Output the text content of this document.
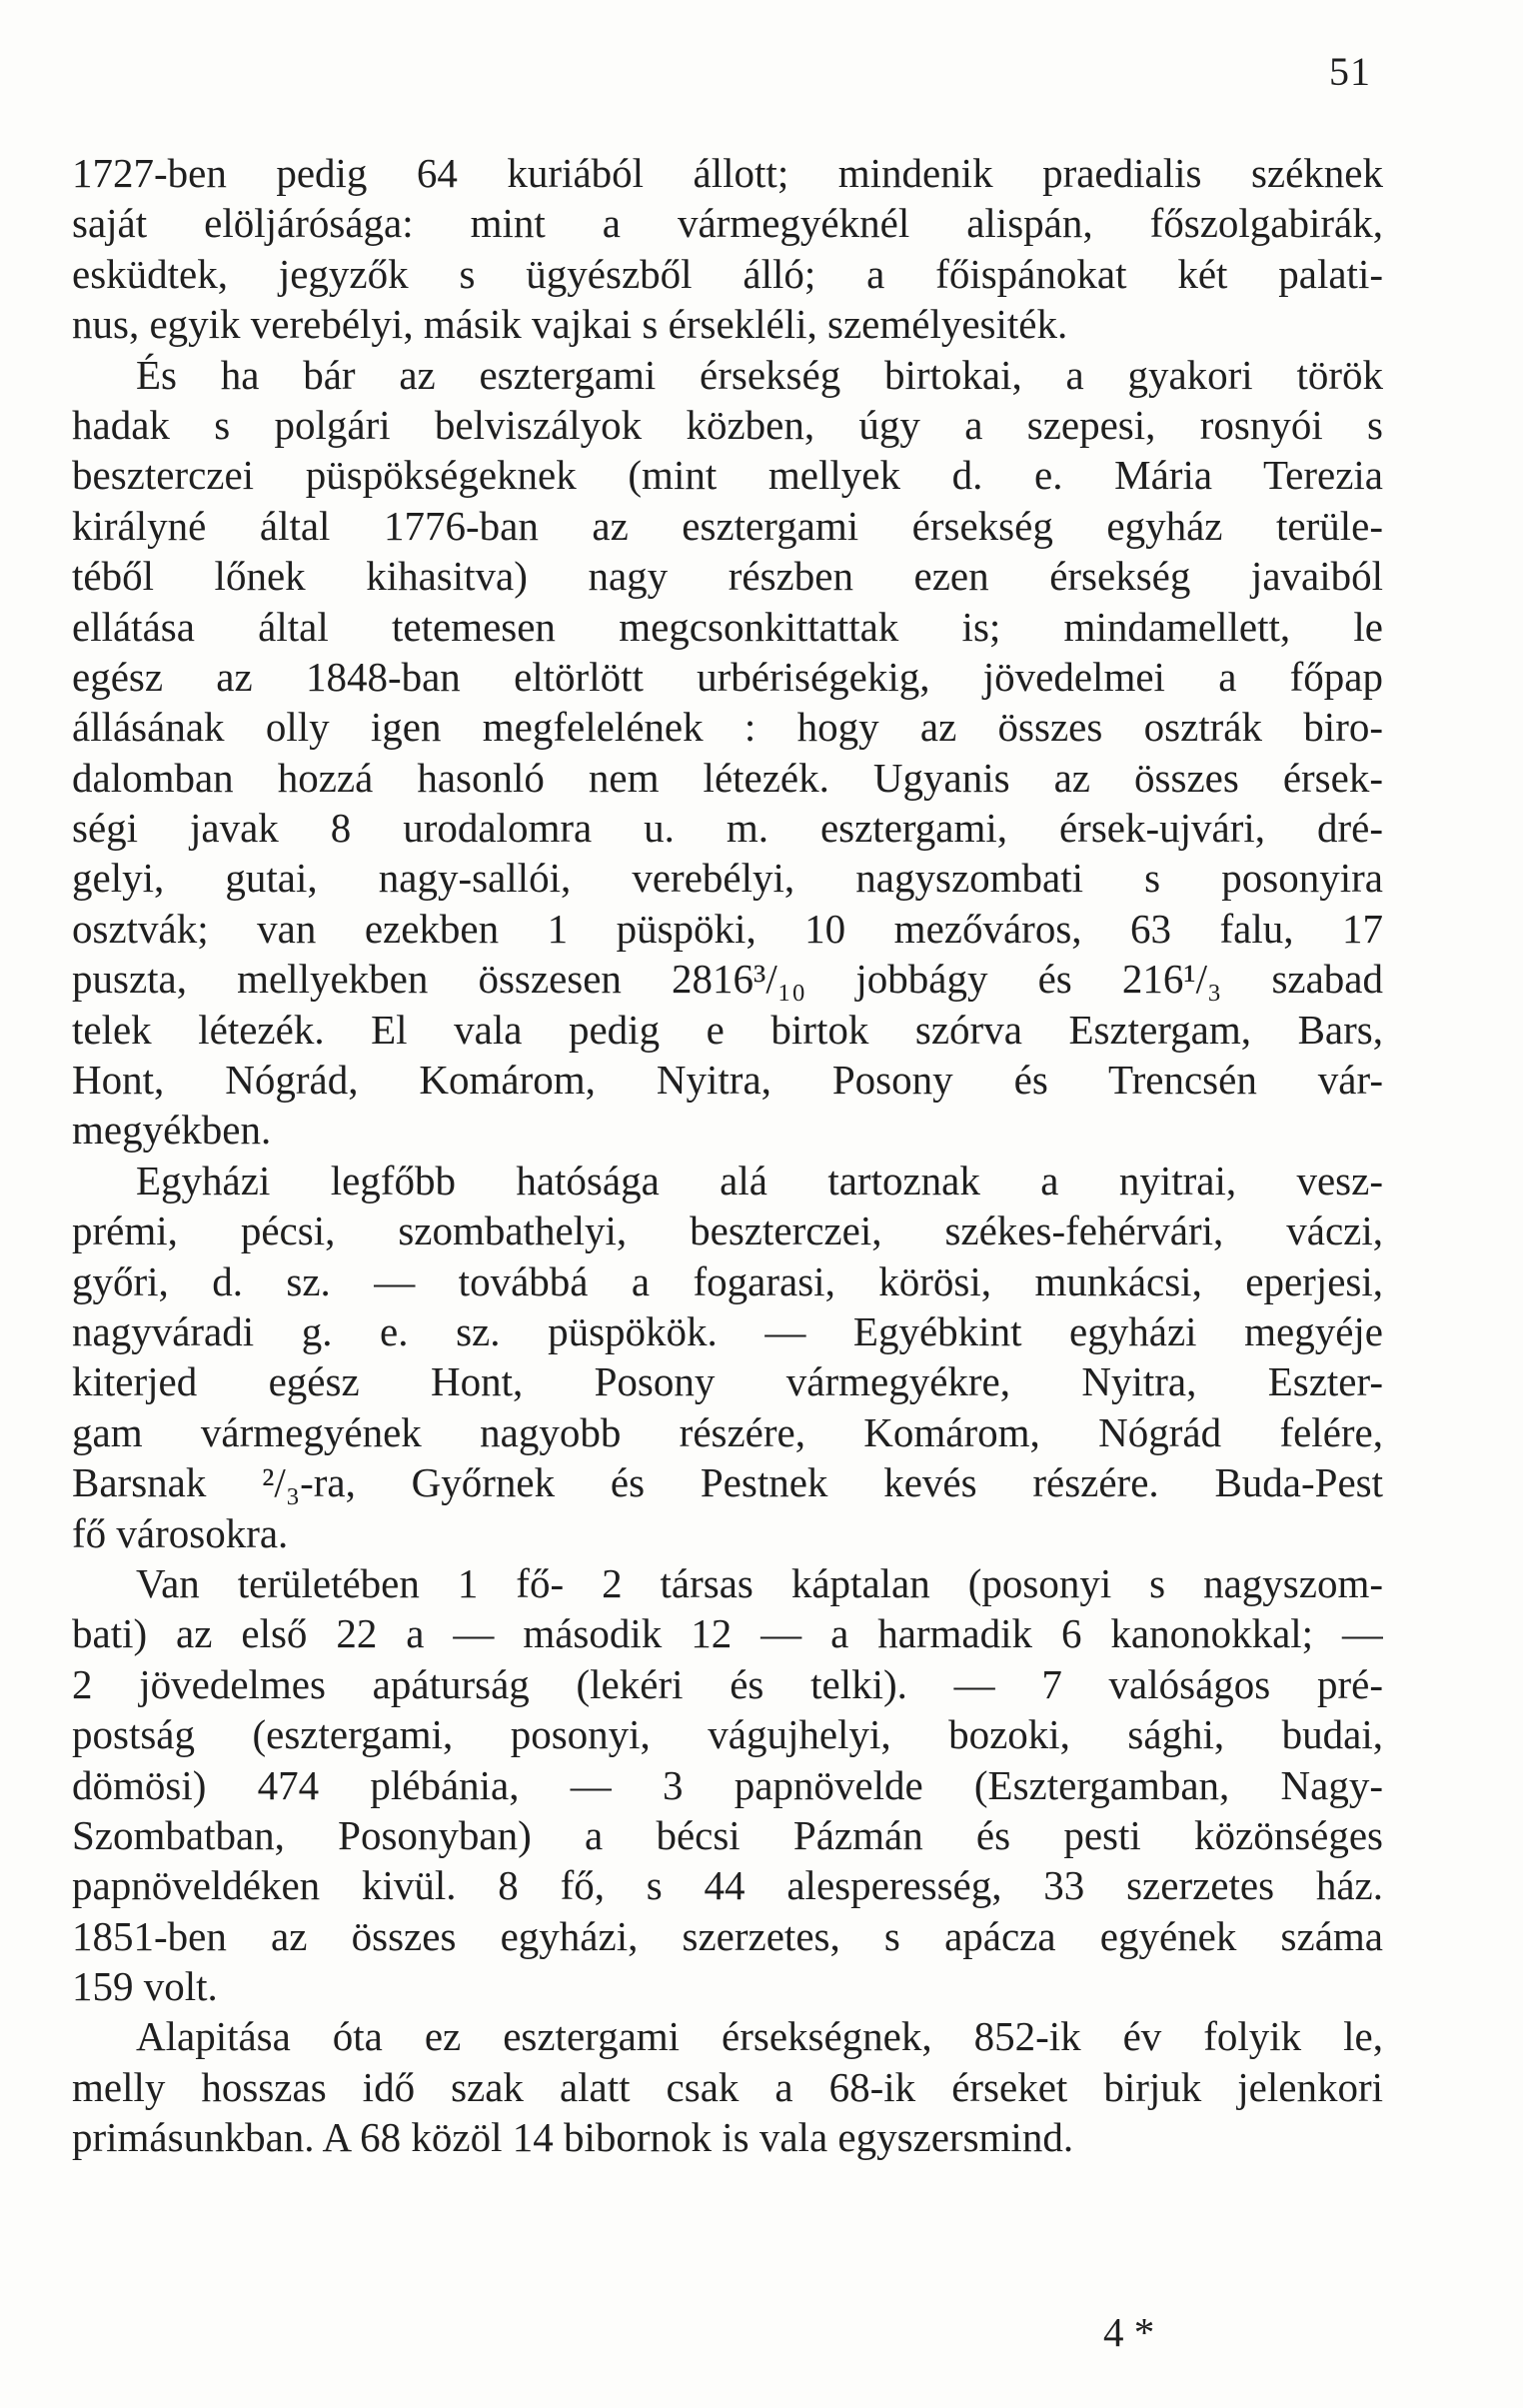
51
1727-ben pedig 64 kuriából állott; mindenik praedialis széknek
saját elöljárósága: mint a vármegyéknél alispán, főszolgabirák,
esküdtek, jegyzők s ügyészből álló; a főispánokat két palati-
nus, egyik verebélyi, másik vajkai s érsekléli, személyesiték.
És ha bár az esztergami érsekség birtokai, a gyakori török
hadak s polgári belviszályok közben, úgy a szepesi, rosnyói s
beszterczei püspökségeknek (mint mellyek d. e. Mária Terezia
királyné által 1776-ban az esztergami érsekség egyház terüle-
téből lőnek kihasitva) nagy részben ezen érsekség javaiból
ellátása által tetemesen megcsonkittattak is; mindamellett, le
egész az 1848-ban eltörlött urbériségekig, jövedelmei a főpap
állásának olly igen megfelelének : hogy az összes osztrák biro-
dalomban hozzá hasonló nem létezék. Ugyanis az összes érsek-
ségi javak 8 urodalomra u. m. esztergami, érsek-ujvári, dré-
gelyi, gutai, nagy-sallói, verebélyi, nagyszombati s posonyira
osztvák; van ezekben 1 püspöki, 10 mezőváros, 63 falu, 17
puszta, mellyekben összesen 2816³/₁₀ jobbágy és 216¹/₃ szabad
telek létezék. El vala pedig e birtok szórva Esztergam, Bars,
Hont, Nógrád, Komárom, Nyitra, Posony és Trencsén vár-
megyékben.
Egyházi legfőbb hatósága alá tartoznak a nyitrai, vesz-
prémi, pécsi, szombathelyi, beszterczei, székes-fehérvári, váczi,
győri, d. sz. — továbbá a fogarasi, körösi, munkácsi, eperjesi,
nagyváradi g. e. sz. püspökök. — Egyébkint egyházi megyéje
kiterjed egész Hont, Posony vármegyékre, Nyitra, Eszter-
gam vármegyének nagyobb részére, Komárom, Nógrád felére,
Barsnak ²/₃-ra, Győrnek és Pestnek kevés részére. Buda-Pest
fő városokra.
Van területében 1 fő- 2 társas káptalan (posonyi s nagyszom-
bati) az első 22 a — második 12 — a harmadik 6 kanonokkal; —
2 jövedelmes apáturság (lekéri és telki). — 7 valóságos pré-
postság (esztergami, posonyi, vágujhelyi, bozoki, sághi, budai,
dömösi) 474 plébánia, — 3 papnövelde (Esztergamban, Nagy-
Szombatban, Posonyban) a bécsi Pázmán és pesti közönséges
papnöveldéken kivül. 8 fő, s 44 alesperesség, 33 szerzetes ház.
1851-ben az összes egyházi, szerzetes, s apácza egyének száma
159 volt.
Alapitása óta ez esztergami érsekségnek, 852-ik év folyik le,
melly hosszas idő szak alatt csak a 68-ik érseket birjuk jelenkori
primásunkban. A 68 közöl 14 bibornok is vala egyszersmind.
4 *
